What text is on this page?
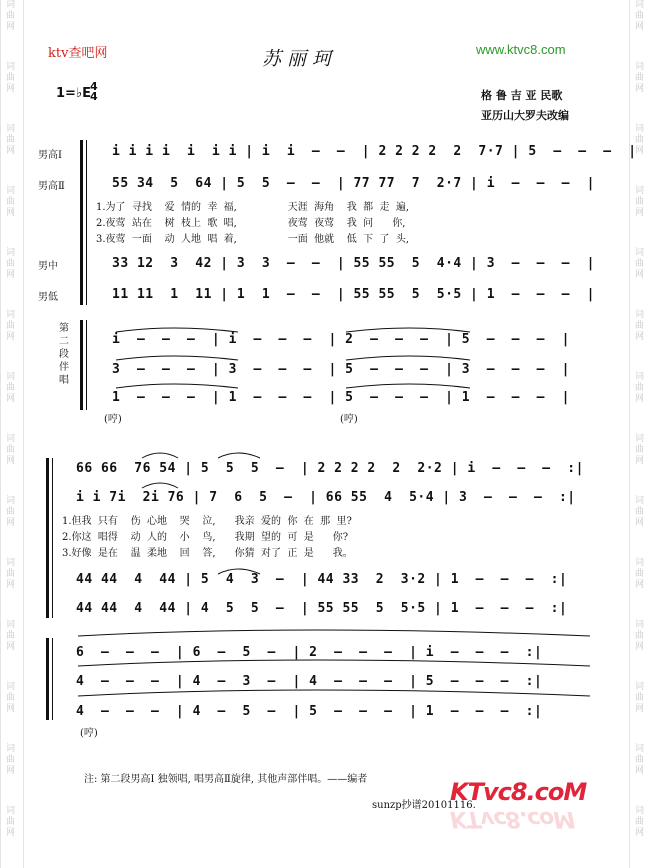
词曲网
词曲网
词曲网
词曲网
词曲网
词曲网
词曲网
词曲网
词曲网
词曲网
词曲网
词曲网
词曲网
词曲网
词曲网
词曲网
词曲网
词曲网
词曲网
词曲网
词曲网
词曲网
词曲网
词曲网
词曲网
词曲网
词曲网
词曲网
ktv查吧网	苏丽珂	www.ktvc8.com
1=♭E 4
4	格 鲁 吉 亚 民歌
亚历山大罗夫改编
男高Ⅰ
男高Ⅱ
男中
男低
第 二 段 伴 唱
i i i i  i  i i | i  i  –  –  | 2 2 2 2  2  7·7 | 5  –  –  –  |
55 34  5  64 | 5  5  –  –  | 77 77  7  2·7 | i  –  –  –  |
1.为了  寻找    爱  情的  幸  福,                天涯  海角    我  都  走  遍,
2.夜莺  站在    树  枝上  歌  唱,                夜莺  夜莺    我  问      你,
3.夜莺  一面    动  人地  唱  着,                一面  他就    低  下  了  头,
33 12  3  42 | 3  3  –  –  | 55 55  5  4·4 | 3  –  –  –  |
11 11  1  11 | 1  1  –  –  | 55 55  5  5·5 | 1  –  –  –  |
i  –  –  –  | i  –  –  –  | 2  –  –  –  | 5  –  –  –  |
3  –  –  –  | 3  –  –  –  | 5  –  –  –  | 3  –  –  –  |
1  –  –  –  | 1  –  –  –  | 5  –  –  –  | 1  –  –  –  |
(哼)	(哼)
66 66  76 54 | 5  5  5  –  | 2 2 2 2  2  2·2 | i  –  –  –  :|
i i 7i  2i 76 | 7  6  5  –  | 66 55  4  5·4 | 3  –  –  –  :|
1.但我  只有    伤  心地    哭    泣,      我亲  爱的  你  在  那  里?
2.你这  唱得    动  人的    小    鸟,      我期  望的  可  是      你?
3.好像  是在    温  柔地    回    答,      你猜  对了  正  是      我。
44 44  4  44 | 5  4  3  –  | 44 33  2  3·2 | 1  –  –  –  :|
44 44  4  44 | 4  5  5  –  | 55 55  5  5·5 | 1  –  –  –  :|
6  –  –  –  | 6  –  5  –  | 2  –  –  –  | i  –  –  –  :|
4  –  –  –  | 4  –  3  –  | 4  –  –  –  | 5  –  –  –  :|
4  –  –  –  | 4  –  5  –  | 5  –  –  –  | 1  –  –  –  :|
(哼)
注: 第二段男高Ⅰ 独领唱, 唱男高Ⅱ旋律, 其他声部伴唱。——编者
sunzp抄谱20101116.
KTvc8.coM
KTvc8.coM
